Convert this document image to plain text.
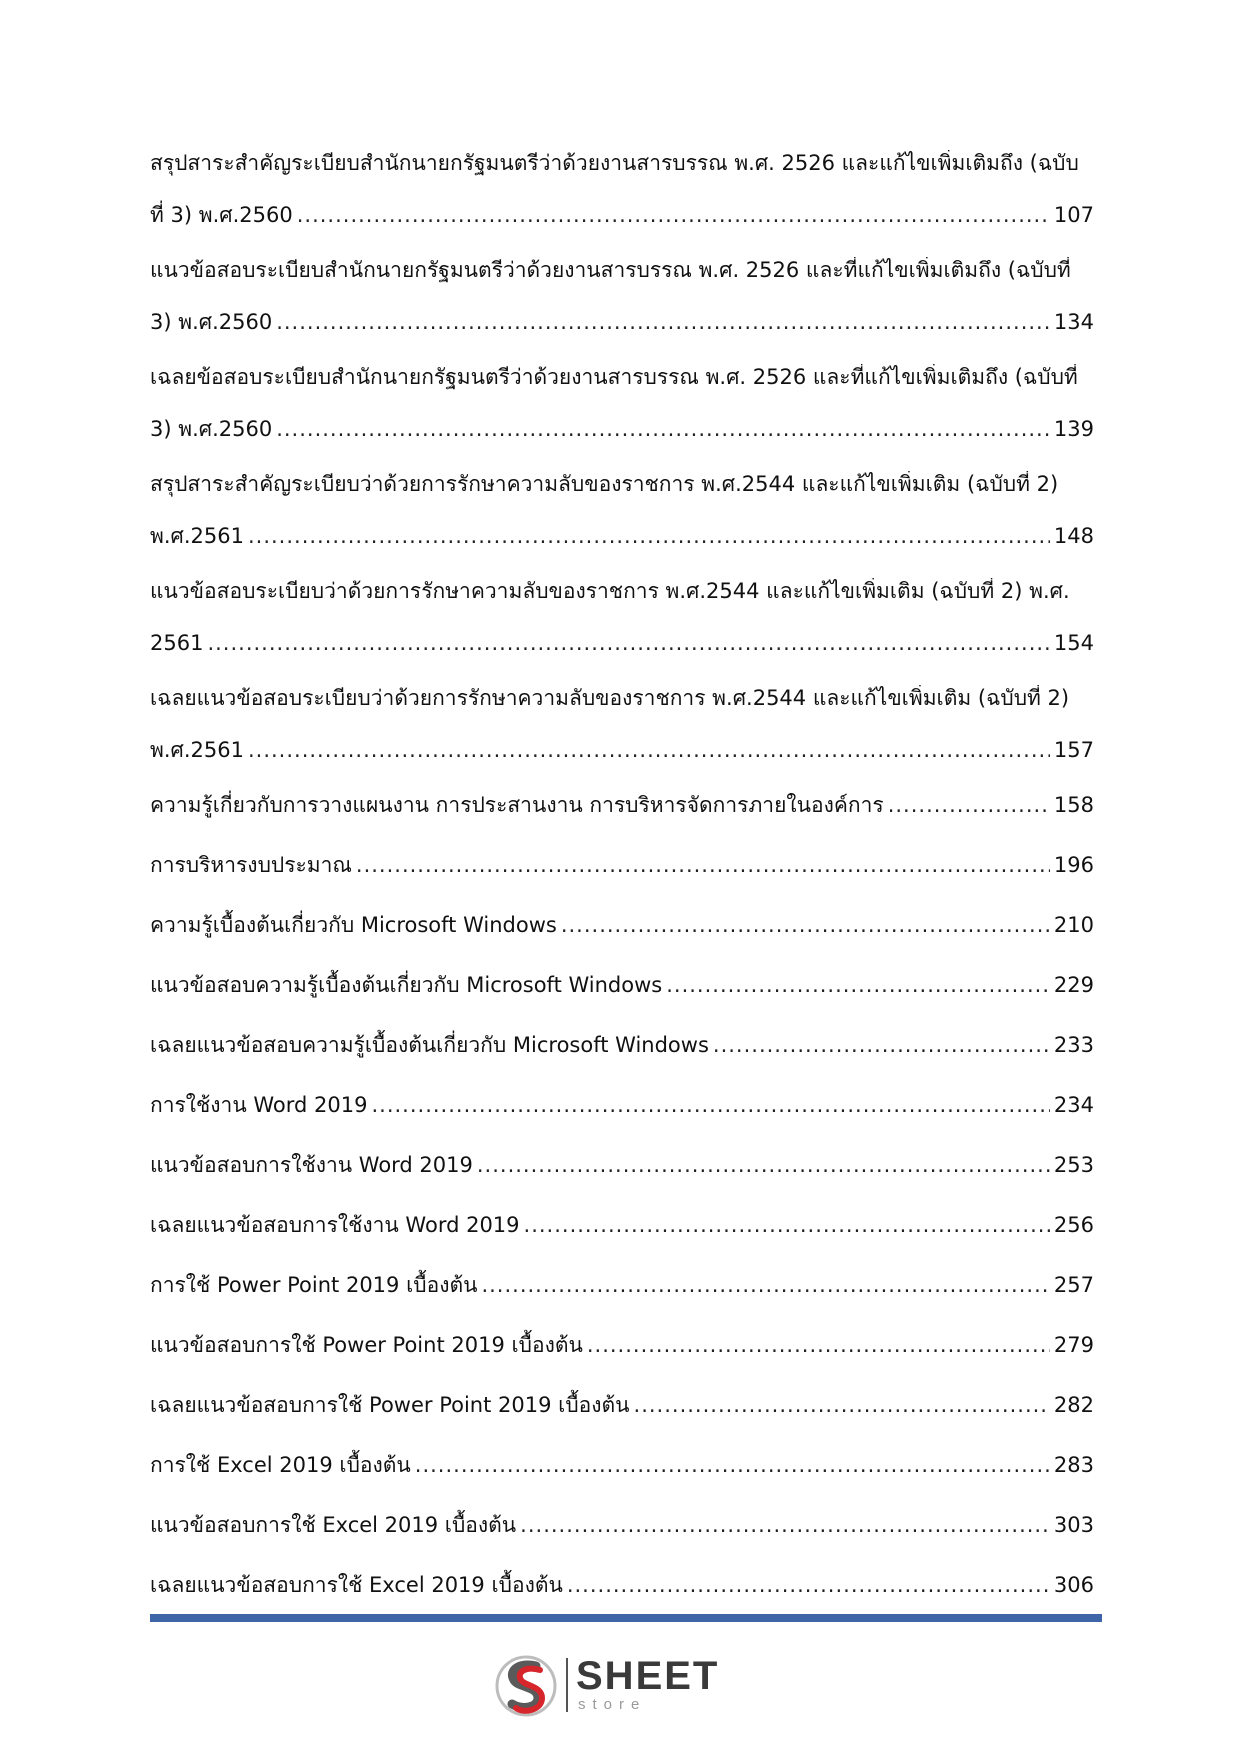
สรุปสาระสำคัญระเบียบสำนักนายกรัฐมนตรีว่าด้วยงานสารบรรณ พ.ศ. 2526 และแก้ไขเพิ่มเติมถึง (ฉบับ
ที่ 3) พ.ศ.2560 .....	107
แนวข้อสอบระเบียบสำนักนายกรัฐมนตรีว่าด้วยงานสารบรรณ พ.ศ. 2526 และที่แก้ไขเพิ่มเติมถึง (ฉบับที่
3) พ.ศ.2560 .....	134
เฉลยข้อสอบระเบียบสำนักนายกรัฐมนตรีว่าด้วยงานสารบรรณ พ.ศ. 2526 และที่แก้ไขเพิ่มเติมถึง (ฉบับที่
3) พ.ศ.2560 .....	139
สรุปสาระสำคัญระเบียบว่าด้วยการรักษาความลับของราชการ พ.ศ.2544 และแก้ไขเพิ่มเติม (ฉบับที่ 2)
พ.ศ.2561 .....	148
แนวข้อสอบระเบียบว่าด้วยการรักษาความลับของราชการ พ.ศ.2544 และแก้ไขเพิ่มเติม (ฉบับที่ 2) พ.ศ.
2561 .....	154
เฉลยแนวข้อสอบระเบียบว่าด้วยการรักษาความลับของราชการ พ.ศ.2544 และแก้ไขเพิ่มเติม (ฉบับที่ 2)
พ.ศ.2561 .....	157
ความรู้เกี่ยวกับการวางแผนงาน การประสานงาน การบริหารจัดการภายในองค์การ .....	158
การบริหารงบประมาณ .....	196
ความรู้เบื้องต้นเกี่ยวกับ Microsoft Windows .....	210
แนวข้อสอบความรู้เบื้องต้นเกี่ยวกับ Microsoft Windows .....	229
เฉลยแนวข้อสอบความรู้เบื้องต้นเกี่ยวกับ Microsoft Windows .....	233
การใช้งาน Word 2019 .....	234
แนวข้อสอบการใช้งาน Word 2019 .....	253
เฉลยแนวข้อสอบการใช้งาน Word 2019 .....	256
การใช้ Power Point 2019 เบื้องต้น .....	257
แนวข้อสอบการใช้ Power Point 2019 เบื้องต้น .....	279
เฉลยแนวข้อสอบการใช้ Power Point 2019 เบื้องต้น .....	282
การใช้ Excel 2019 เบื้องต้น .....	283
แนวข้อสอบการใช้ Excel 2019 เบื้องต้น .....	303
เฉลยแนวข้อสอบการใช้ Excel 2019 เบื้องต้น .....	306
SHEET
store
